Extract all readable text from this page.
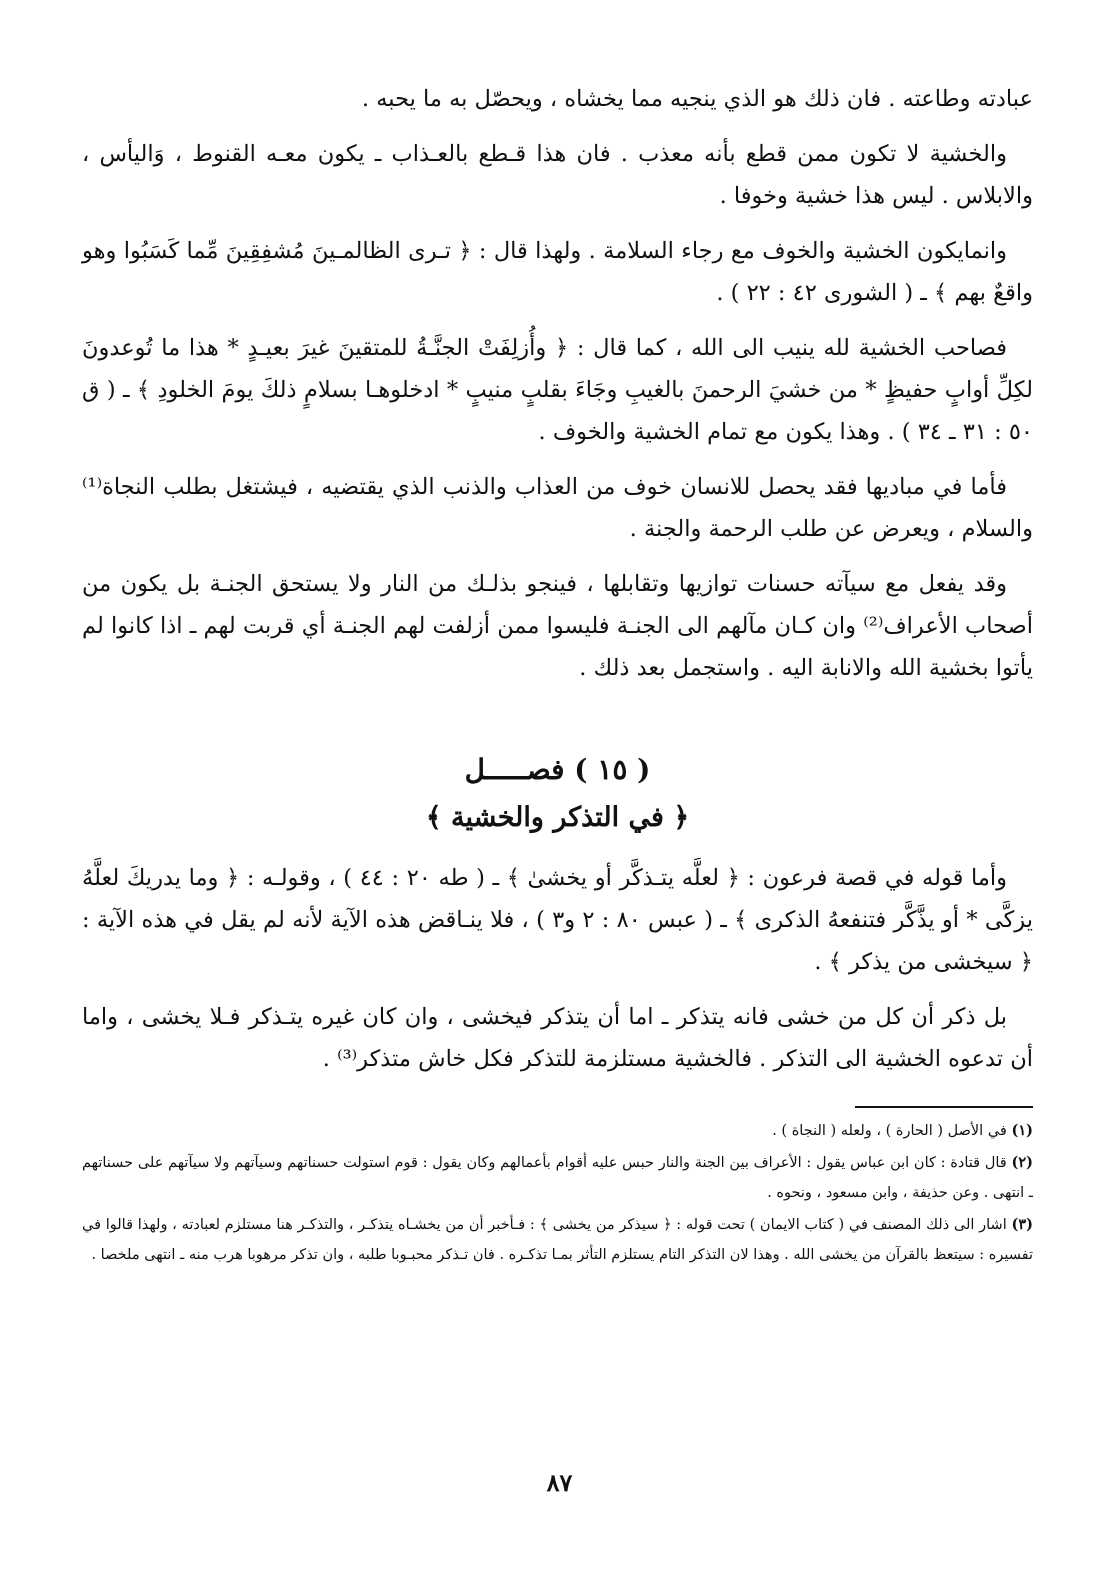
عبادته وطاعته . فان ذلك هو الذي ينجيه مما يخشاه ، ويحصّل به ما يحبه .

والخشية لا تكون ممن قطع بأنه معذب . فان هذا قـطع بالعـذاب ـ يكون معـه القنوط ، وَاليأس ، والابلاس . ليس هذا خشية وخوفا .

وانمايكون الخشية والخوف مع رجاء السلامة . ولهذا قال : ﴿ تـرى الظالمـينَ مُشفِقِينَ مِّما كَسَبُوا وهو واقعٌ بهم ﴾ ـ ( الشورى ٤٢ : ٢٢ ) .

فصاحب الخشية لله ينيب الى الله ، كما قال : ﴿ وأُزلِفَتْ الجنَّـةُ للمتقينَ غيرَ بعيـدٍ * هذا ما تُوعدونَ لكِلِّ أوابٍ حفيظٍ * من خشيَ الرحمنَ بالغيبِ وجَاءَ بقلبٍ منيبٍ * ادخلوهـا بسلامٍ ذلكَ يومَ الخلودِ ﴾ ـ ( ق ٥٠ : ٣١ ـ ٣٤ ) . وهذا يكون مع تمام الخشية والخوف .

فأما في مباديها فقد يحصل للانسان خوف من العذاب والذنب الذي يقتضيه ، فيشتغل بطلب النجاة⁽¹⁾ والسلام ، ويعرض عن طلب الرحمة والجنة .

وقد يفعل مع سيآته حسنات توازيها وتقابلها ، فينجو بذلـك من النار ولا يستحق الجنـة بل يكون من أصحاب الأعراف⁽²⁾ وان كـان مآلهم الى الجنـة فليسوا ممن أزلفت لهم الجنـة أي قربت لهم ـ اذا كانوا لم يأتوا بخشية الله والانابة اليه . واستجمل بعد ذلك .

( ١٥ ) فصـــــل
﴿ في التذكر والخشية ﴾

وأما قوله في قصة فرعون : ﴿ لعلَّه يتـذكَّر أو يخشىٰ ﴾ ـ ( طه ٢٠ : ٤٤ ) ، وقولـه : ﴿ وما يدريكَ لعلَّهُ يزكَّى * أو يذَّكَّر فتنفعهُ الذكرى ﴾ ـ ( عبس ٨٠ : ٢ و٣ ) ، فلا ينـاقض هذه الآية لأنه لم يقل في هذه الآية : ﴿ سيخشى من يذكر ﴾ .

بل ذكر أن كل من خشى فانه يتذكر ـ اما أن يتذكر فيخشى ، وان كان غيره يتـذكر فـلا يخشى ، واما أن تدعوه الخشية الى التذكر . فالخشية مستلزمة للتذكر فكل خاش متذكر⁽³⁾ .

(١) في الأصل ( الحارة ) ، ولعله ( النجاة ) .

(٢) قال قتادة : كان ابن عباس يقول : الأعراف بين الجنة والنار حبس عليه أقوام بأعمالهم وكان يقول : قوم استولت حسناتهم وسيآتهم ولا سيآتهم على حسناتهم ـ انتهى . وعن حذيفة ، وابن مسعود ، ونحوه .

(٣) اشار الى ذلك المصنف في ( كتاب الايمان ) تحت قوله : ﴿ سيذكر من يخشى ﴾ : فـأخبر أن من يخشـاه يتذكـر ، والتذكـر هنا مستلزم لعبادته ، ولهذا قالوا في تفسيره : سيتعظ بالقرآن من يخشى الله . وهذا لان التذكر التام يستلزم التأثر بمـا تذكـره . فان تـذكر محبـوبا طلبه ، وان تذكر مرهوبا هرب منه ـ انتهى ملخصا .

٨٧
